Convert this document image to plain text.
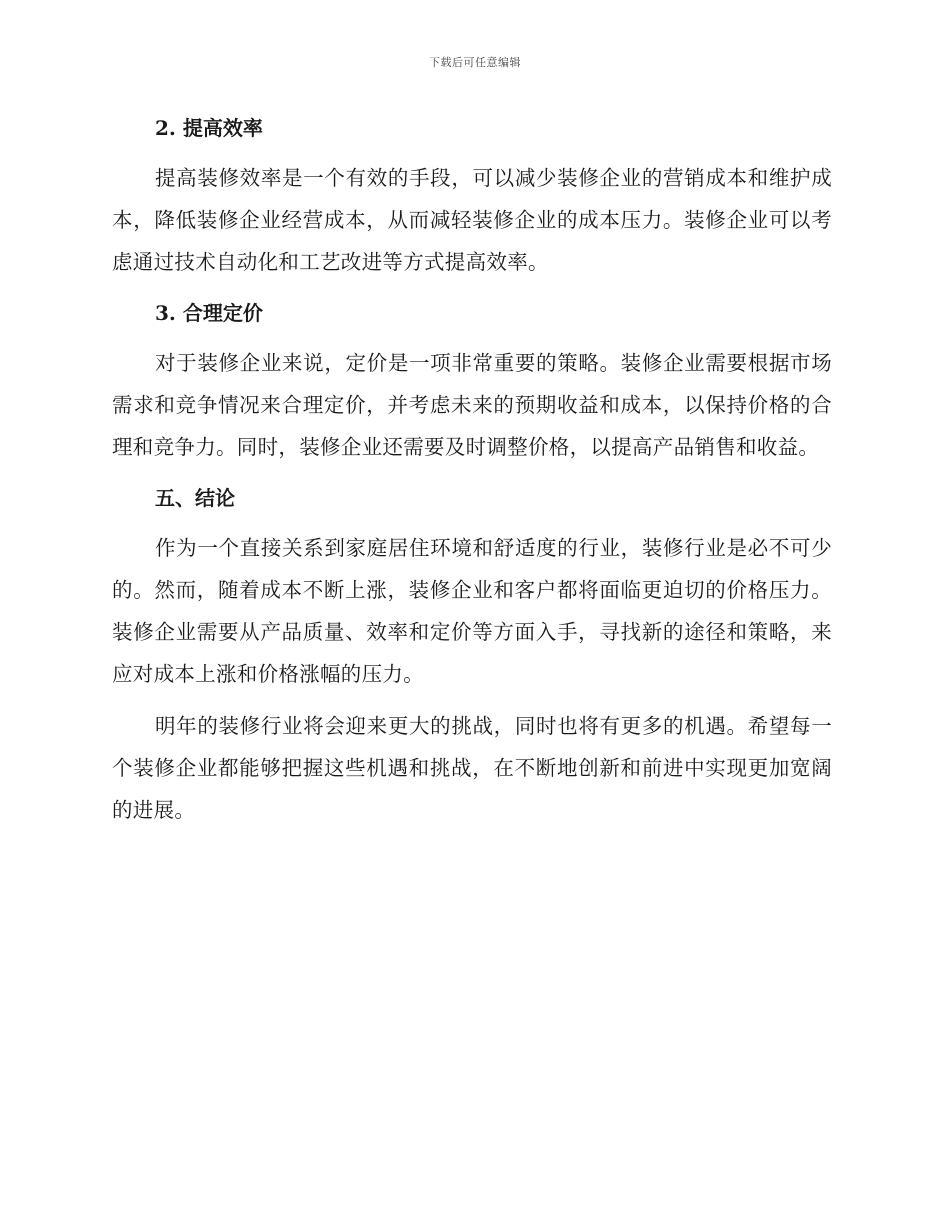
下载后可任意编辑
2. 提高效率

提高装修效率是一个有效的手段，可以减少装修企业的营销成本和维护成本，降低装修企业经营成本，从而减轻装修企业的成本压力。装修企业可以考虑通过技术自动化和工艺改进等方式提高效率。

3. 合理定价

对于装修企业来说，定价是一项非常重要的策略。装修企业需要根据市场需求和竞争情况来合理定价，并考虑未来的预期收益和成本，以保持价格的合理和竞争力。同时，装修企业还需要及时调整价格，以提高产品销售和收益。

五、结论

作为一个直接关系到家庭居住环境和舒适度的行业，装修行业是必不可少的。然而，随着成本不断上涨，装修企业和客户都将面临更迫切的价格压力。装修企业需要从产品质量、效率和定价等方面入手，寻找新的途径和策略，来应对成本上涨和价格涨幅的压力。

明年的装修行业将会迎来更大的挑战，同时也将有更多的机遇。希望每一个装修企业都能够把握这些机遇和挑战，在不断地创新和前进中实现更加宽阔的进展。
